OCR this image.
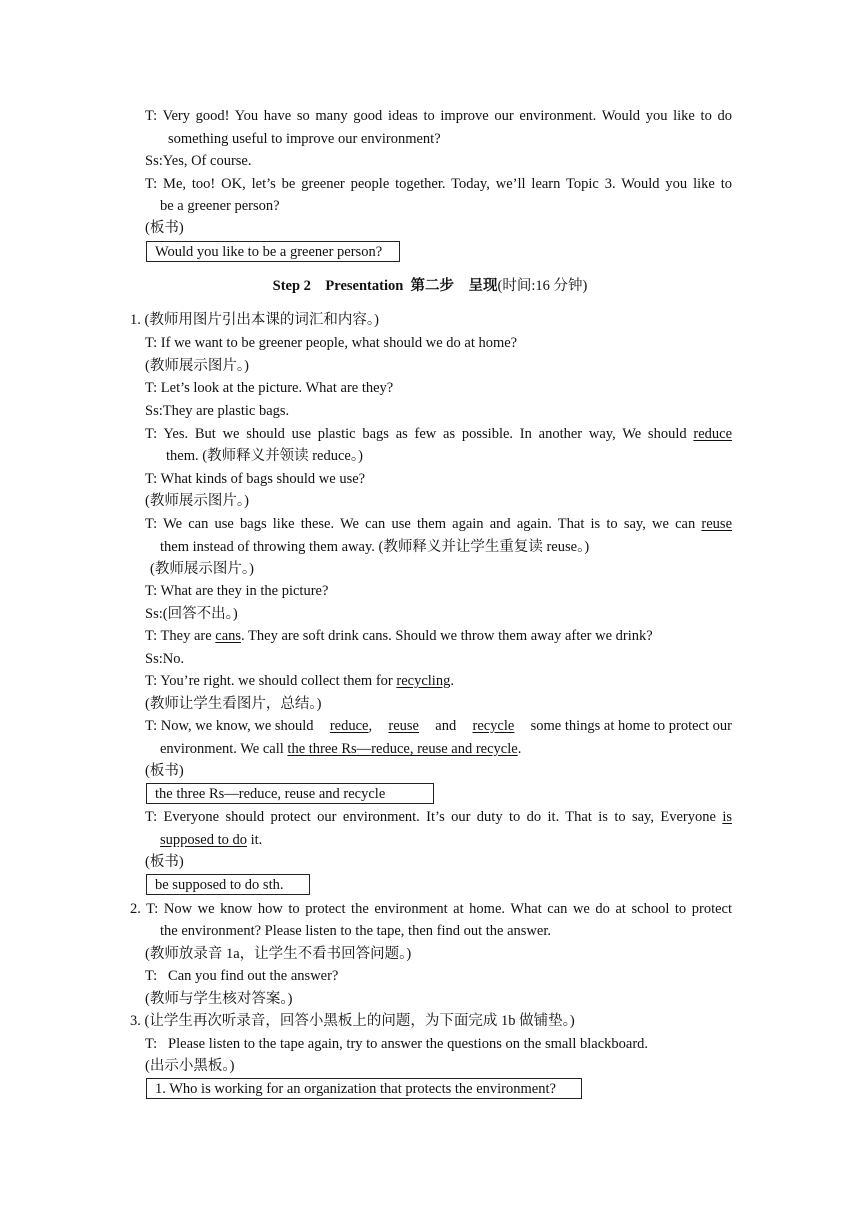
T: Very good! You have so many good ideas to improve our environment. Would you like to do
something useful to improve our environment?
Ss:Yes, Of course.
T: Me, too! OK, let’s be greener people together. Today, we’ll learn Topic 3. Would you like to
be a greener person?
(板书)
Would you like to be a greener person?
Step 2 Presentation 第二步　呈现(时间:16 分钟)
1. (教师用图片引出本课的词汇和内容。)
T: If we want to be greener people, what should we do at home?
(教师展示图片。)
T: Let’s look at the picture. What are they?
Ss:They are plastic bags.
T: Yes. But we should use plastic bags as few as possible. In another way, We should reduce
them. (教师释义并领读 reduce。)
T: What kinds of bags should we use?
(教师展示图片。)
T: We can use bags like these. We can use them again and again. That is to say, we can reuse
them instead of throwing them away. (教师释义并让学生重复读 reuse。)
(教师展示图片。)
T: What are they in the picture?
Ss:(回答不出。)
T: They are cans. They are soft drink cans. Should we throw them away after we drink?
Ss:No.
T: You’re right. we should collect them for recycling.
(教师让学生看图片，总结。)
T: Now, we know, we should reduce, reuse and recycle some things at home to protect our
environment. We call the three Rs—reduce, reuse and recycle.
(板书)
the three Rs—reduce, reuse and recycle
T: Everyone should protect our environment. It’s our duty to do it. That is to say, Everyone is
supposed to do it.
(板书)
be supposed to do sth.
2. T: Now we know how to protect the environment at home. What can we do at school to protect
the environment? Please listen to the tape, then find out the answer.
(教师放录音 1a，让学生不看书回答问题。)
T:   Can you find out the answer?
(教师与学生核对答案。)
3. (让学生再次听录音，回答小黑板上的问题，为下面完成 1b 做铺垫。)
T:   Please listen to the tape again, try to answer the questions on the small blackboard.
(出示小黑板。)
1. Who is working for an organization that protects the environment?
